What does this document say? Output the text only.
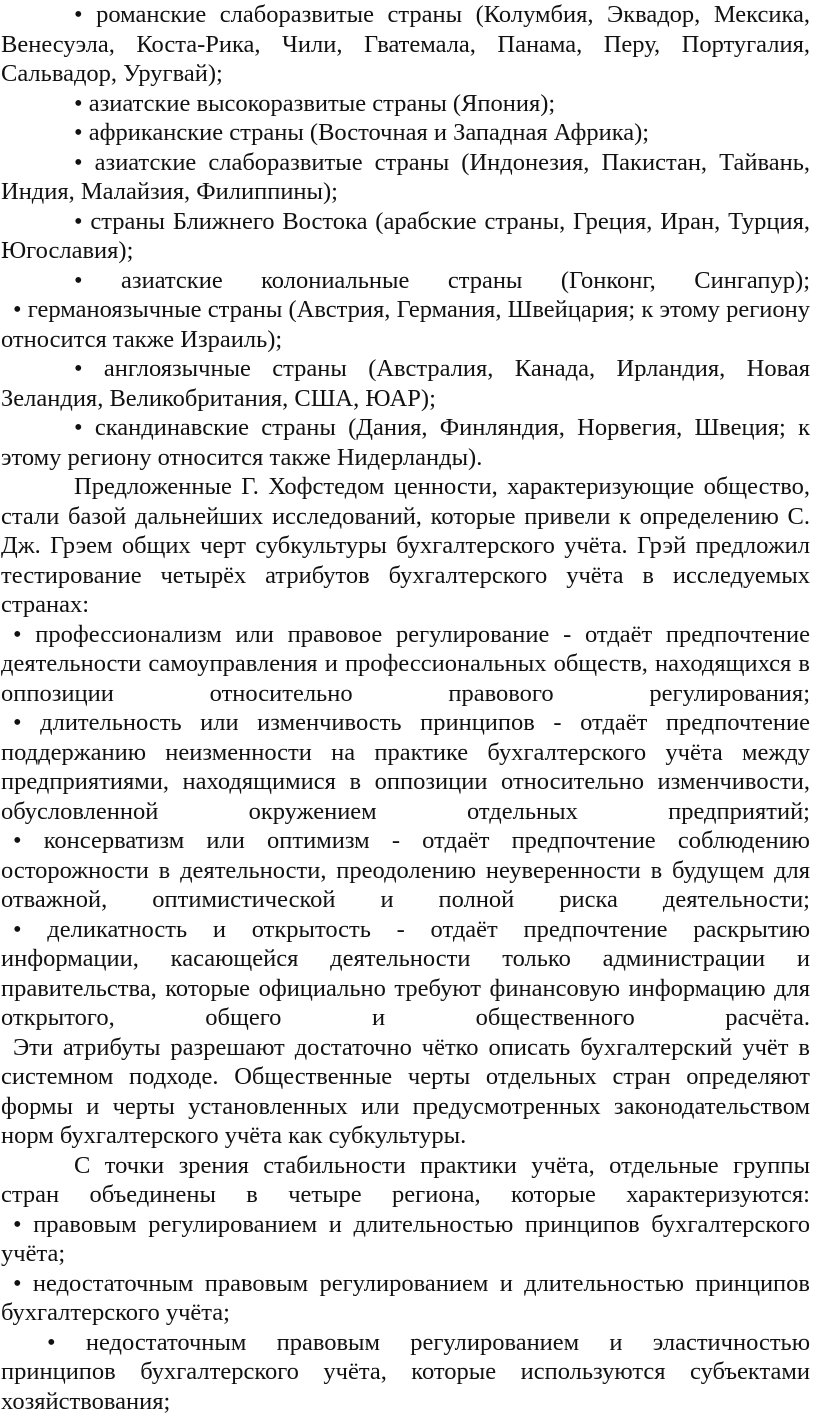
• романские слаборазвитые страны (Колумбия, Эквадор, Мексика, Венесуэла, Коста-Рика, Чили, Гватемала, Панама, Перу, Португалия, Сальвадор, Уругвай);

• азиатские высокоразвитые страны (Япония);

• африканские страны (Восточная и Западная Африка);

• азиатские слаборазвитые страны (Индонезия, Пакистан, Тайвань, Индия, Малайзия, Филиппины);

• страны Ближнего Востока (арабские страны, Греция, Иран, Турция, Югославия);

• азиатские колониальные страны (Гонконг, Сингапур);

• германоязычные страны (Австрия, Германия, Швейцария; к этому региону относится также Израиль);

• англоязычные страны (Австралия, Канада, Ирландия, Новая Зеландия, Великобритания, США, ЮАР);

• скандинавские страны (Дания, Финляндия, Норвегия, Швеция; к этому региону относится также Нидерланды).

Предложенные Г. Хофстедом ценности, характеризующие общество, стали базой дальнейших исследований, которые привели к определению С. Дж. Грэем общих черт субкультуры бухгалтерского учёта. Грэй предложил тестирование четырёх атрибутов бухгалтерского учёта в исследуемых странах:

• профессионализм или правовое регулирование - отдаёт предпочтение деятельности самоуправления и профессиональных обществ, находящихся в оппозиции относительно правового регулирования;

• длительность или изменчивость принципов - отдаёт предпочтение поддержанию неизменности на практике бухгалтерского учёта между предприятиями, находящимися в оппозиции относительно изменчивости, обусловленной окружением отдельных предприятий;

• консерватизм или оптимизм - отдаёт предпочтение соблюдению осторожности в деятельности, преодолению неуверенности в будущем для отважной, оптимистической и полной риска деятельности;

• деликатность и открытость - отдаёт предпочтение раскрытию информации, касающейся деятельности только администрации и правительства, которые официально требуют финансовую информацию для открытого, общего и общественного расчёта.

Эти атрибуты разрешают достаточно чётко описать бухгалтерский учёт в системном подходе. Общественные черты отдельных стран определяют формы и черты установленных или предусмотренных законодательством норм бухгалтерского учёта как субкультуры.

С точки зрения стабильности практики учёта, отдельные группы стран объединены в четыре региона, которые характеризуются:

• правовым регулированием и длительностью принципов бухгалтерского учёта;

• недостаточным правовым регулированием и длительностью принципов бухгалтерского учёта;

• недостаточным правовым регулированием и эластичностью принципов бухгалтерского учёта, которые используются субъектами хозяйствования;
